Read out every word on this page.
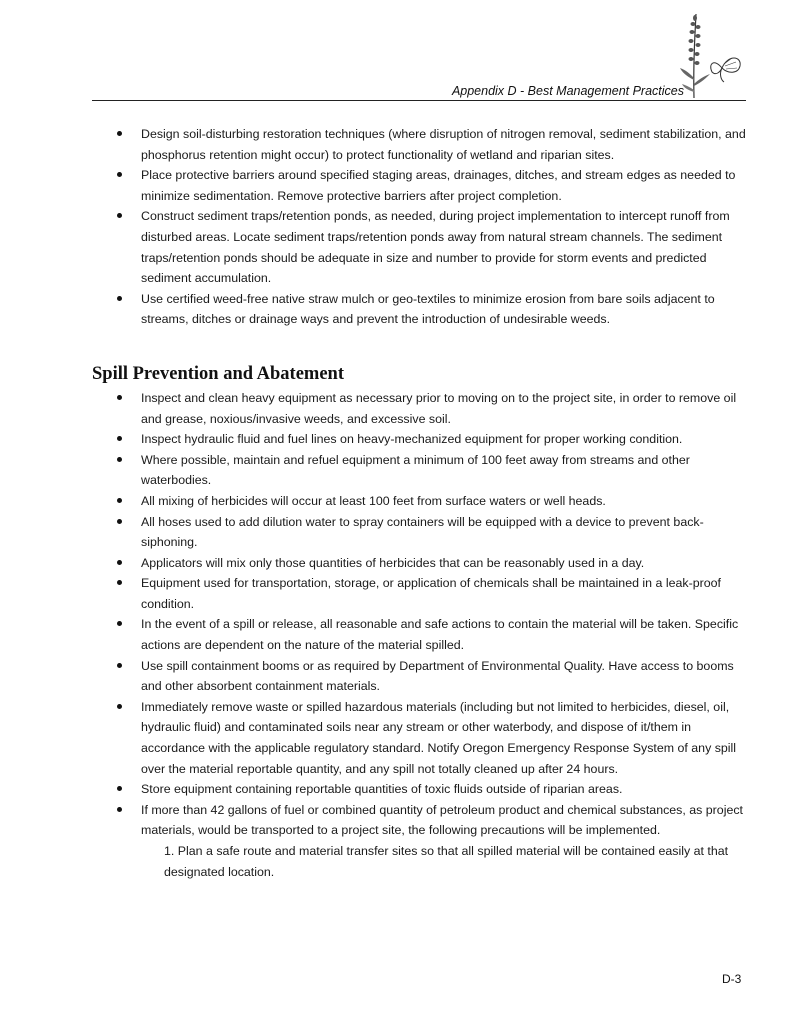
Appendix D - Best Management Practices
Design soil-disturbing restoration techniques (where disruption of nitrogen removal, sediment stabilization, and phosphorus retention might occur) to protect functionality of wetland and riparian sites.
Place protective barriers around specified staging areas, drainages, ditches, and stream edges as needed to minimize sedimentation. Remove protective barriers after project completion.
Construct sediment traps/retention ponds, as needed, during project implementation to intercept runoff from disturbed areas. Locate sediment traps/retention ponds away from natural stream channels. The sediment traps/retention ponds should be adequate in size and number to provide for storm events and predicted sediment accumulation.
Use certified weed-free native straw mulch or geo-textiles to minimize erosion from bare soils adjacent to streams, ditches or drainage ways and prevent the introduction of undesirable weeds.
Spill Prevention and Abatement
Inspect and clean heavy equipment as necessary prior to moving on to the project site, in order to remove oil and grease, noxious/invasive weeds, and excessive soil.
Inspect hydraulic fluid and fuel lines on heavy-mechanized equipment for proper working condition.
Where possible, maintain and refuel equipment a minimum of 100 feet away from streams and other waterbodies.
All mixing of herbicides will occur at least 100 feet from surface waters or well heads.
All hoses used to add dilution water to spray containers will be equipped with a device to prevent back-siphoning.
Applicators will mix only those quantities of herbicides that can be reasonably used in a day.
Equipment used for transportation, storage, or application of chemicals shall be maintained in a leak-proof condition.
In the event of a spill or release, all reasonable and safe actions to contain the material will be taken. Specific actions are dependent on the nature of the material spilled.
Use spill containment booms or as required by Department of Environmental Quality. Have access to booms and other absorbent containment materials.
Immediately remove waste or spilled hazardous materials (including but not limited to herbicides, diesel, oil, hydraulic fluid) and contaminated soils near any stream or other waterbody, and dispose of it/them in accordance with the applicable regulatory standard. Notify Oregon Emergency Response System of any spill over the material reportable quantity, and any spill not totally cleaned up after 24 hours.
Store equipment containing reportable quantities of toxic fluids outside of riparian areas.
If more than 42 gallons of fuel or combined quantity of petroleum product and chemical substances, as project materials, would be transported to a project site, the following precautions will be implemented.
1. Plan a safe route and material transfer sites so that all spilled material will be contained easily at that designated location.
D-3
